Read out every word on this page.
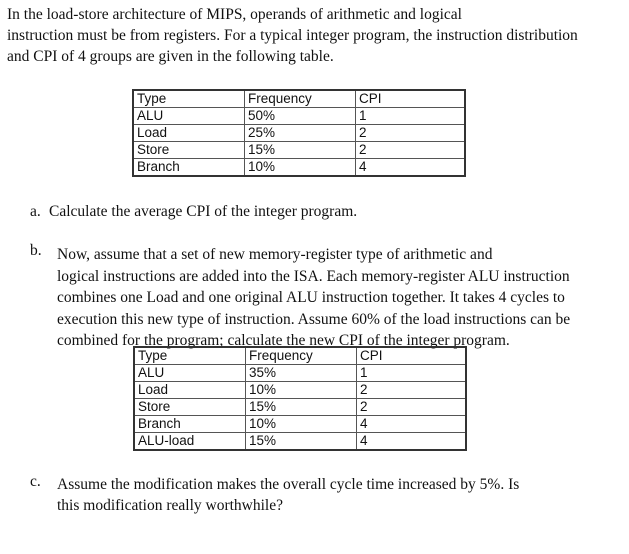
In the load-store architecture of MIPS, operands of arithmetic and logical
instruction must be from registers. For a typical integer program, the instruction distribution
and CPI of 4 groups are given in the following table.

Type	Frequency	CPI
ALU	50%	1
Load	25%	2
Store	15%	2
Branch	10%	4
a. Calculate the average CPI of the integer program.
b. Now, assume that a set of new memory-register type of arithmetic and
logical instructions are added into the ISA. Each memory-register ALU instruction
combines one Load and one original ALU instruction together. It takes 4 cycles to
execution this new type of instruction. Assume 60% of the load instructions can be
combined for the program; calculate the new CPI of the integer program.

Type	Frequency	CPI
ALU	35%	1
Load	10%	2
Store	15%	2
Branch	10%	4
ALU-load	15%	4
c. Assume the modification makes the overall cycle time increased by 5%. Is
this modification really worthwhile?
